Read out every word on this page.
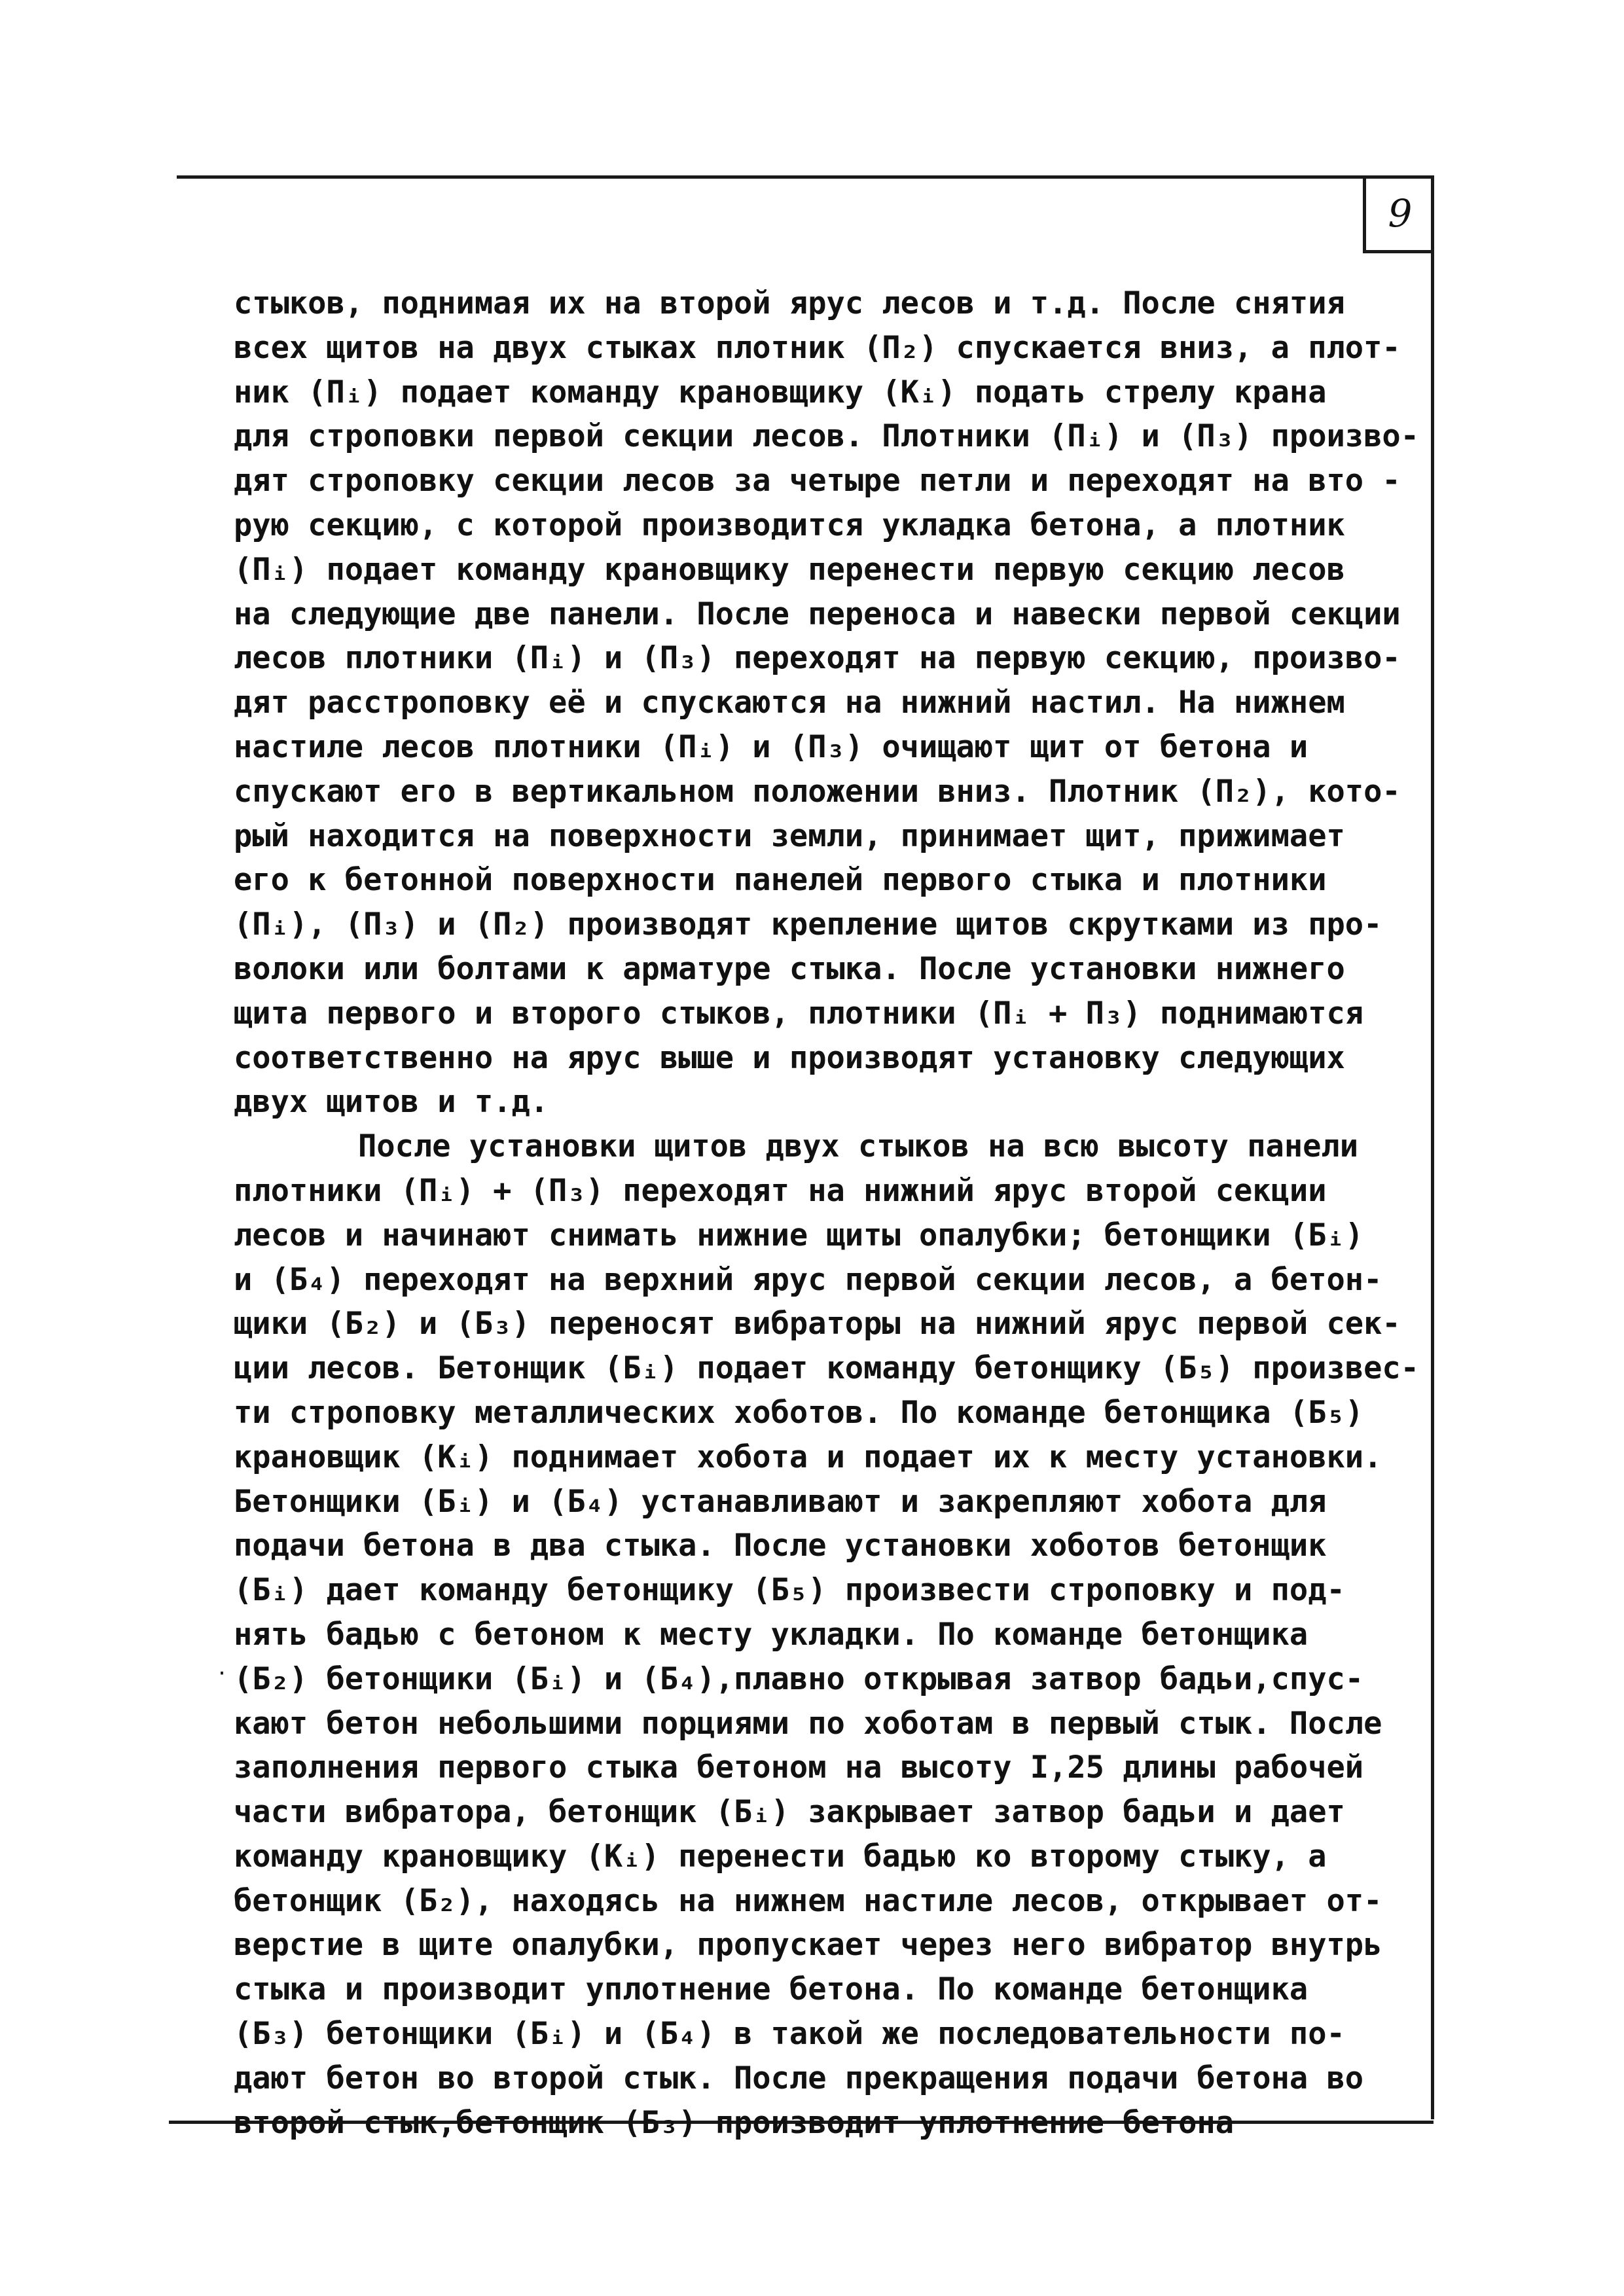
9
·
стыков, поднимая их на второй ярус лесов и т.д. После снятия
всех щитов на двух стыках плотник (П₂) спускается вниз, а плот-
ник (Пᵢ) подает команду крановщику (Кᵢ) подать стрелу крана
для строповки первой секции лесов. Плотники (Пᵢ) и (П₃) произво-
дят строповку секции лесов за четыре петли и переходят на вто -
рую секцию, с которой производится укладка бетона, а плотник
(Пᵢ) подает команду крановщику перенести первую секцию лесов
на следующие две панели. После переноса и навески первой секции
лесов плотники (Пᵢ) и (П₃) переходят на первую секцию, произво-
дят расстроповку её и спускаются на нижний настил. На нижнем
настиле лесов плотники (Пᵢ) и (П₃) очищают щит от бетона и
спускают его в вертикальном положении вниз. Плотник (П₂), кото-
рый находится на поверхности земли, принимает щит, прижимает
его к бетонной поверхности панелей первого стыка и плотники
(Пᵢ), (П₃) и (П₂) производят крепление щитов скрутками из про-
волоки или болтами к арматуре стыка. После установки нижнего
щита первого и второго стыков, плотники (Пᵢ + П₃) поднимаются
соответственно на ярус выше и производят установку следующих
двух щитов и т.д.
После установки щитов двух стыков на всю высоту панели
плотники (Пᵢ) + (П₃) переходят на нижний ярус второй секции
лесов и начинают снимать нижние щиты опалубки; бетонщики (Бᵢ)
и (Б₄) переходят на верхний ярус первой секции лесов, а бетон-
щики (Б₂) и (Б₃) переносят вибраторы на нижний ярус первой сек-
ции лесов. Бетонщик (Бᵢ) подает команду бетонщику (Б₅) произвес-
ти строповку металлических хоботов. По команде бетонщика (Б₅)
крановщик (Кᵢ) поднимает хобота и подает их к месту установки.
Бетонщики (Бᵢ) и (Б₄) устанавливают и закрепляют хобота для
подачи бетона в два стыка. После установки хоботов бетонщик
(Бᵢ) дает команду бетонщику (Б₅) произвести строповку и под-
нять бадью с бетоном к месту укладки. По команде бетонщика
(Б₂) бетонщики (Бᵢ) и (Б₄),плавно открывая затвор бадьи,спус-
кают бетон небольшими порциями по хоботам в первый стык. После
заполнения первого стыка бетоном на высоту I,25 длины рабочей
части вибратора, бетонщик (Бᵢ) закрывает затвор бадьи и дает
команду крановщику (Кᵢ) перенести бадью ко второму стыку, а
бетонщик (Б₂), находясь на нижнем настиле лесов, открывает от-
верстие в щите опалубки, пропускает через него вибратор внутрь
стыка и производит уплотнение бетона. По команде бетонщика
(Б₃) бетонщики (Бᵢ) и (Б₄) в такой же последовательности по-
дают бетон во второй стык. После прекращения подачи бетона во
второй стык,бетонщик (Б₃) производит уплотнение бетона
